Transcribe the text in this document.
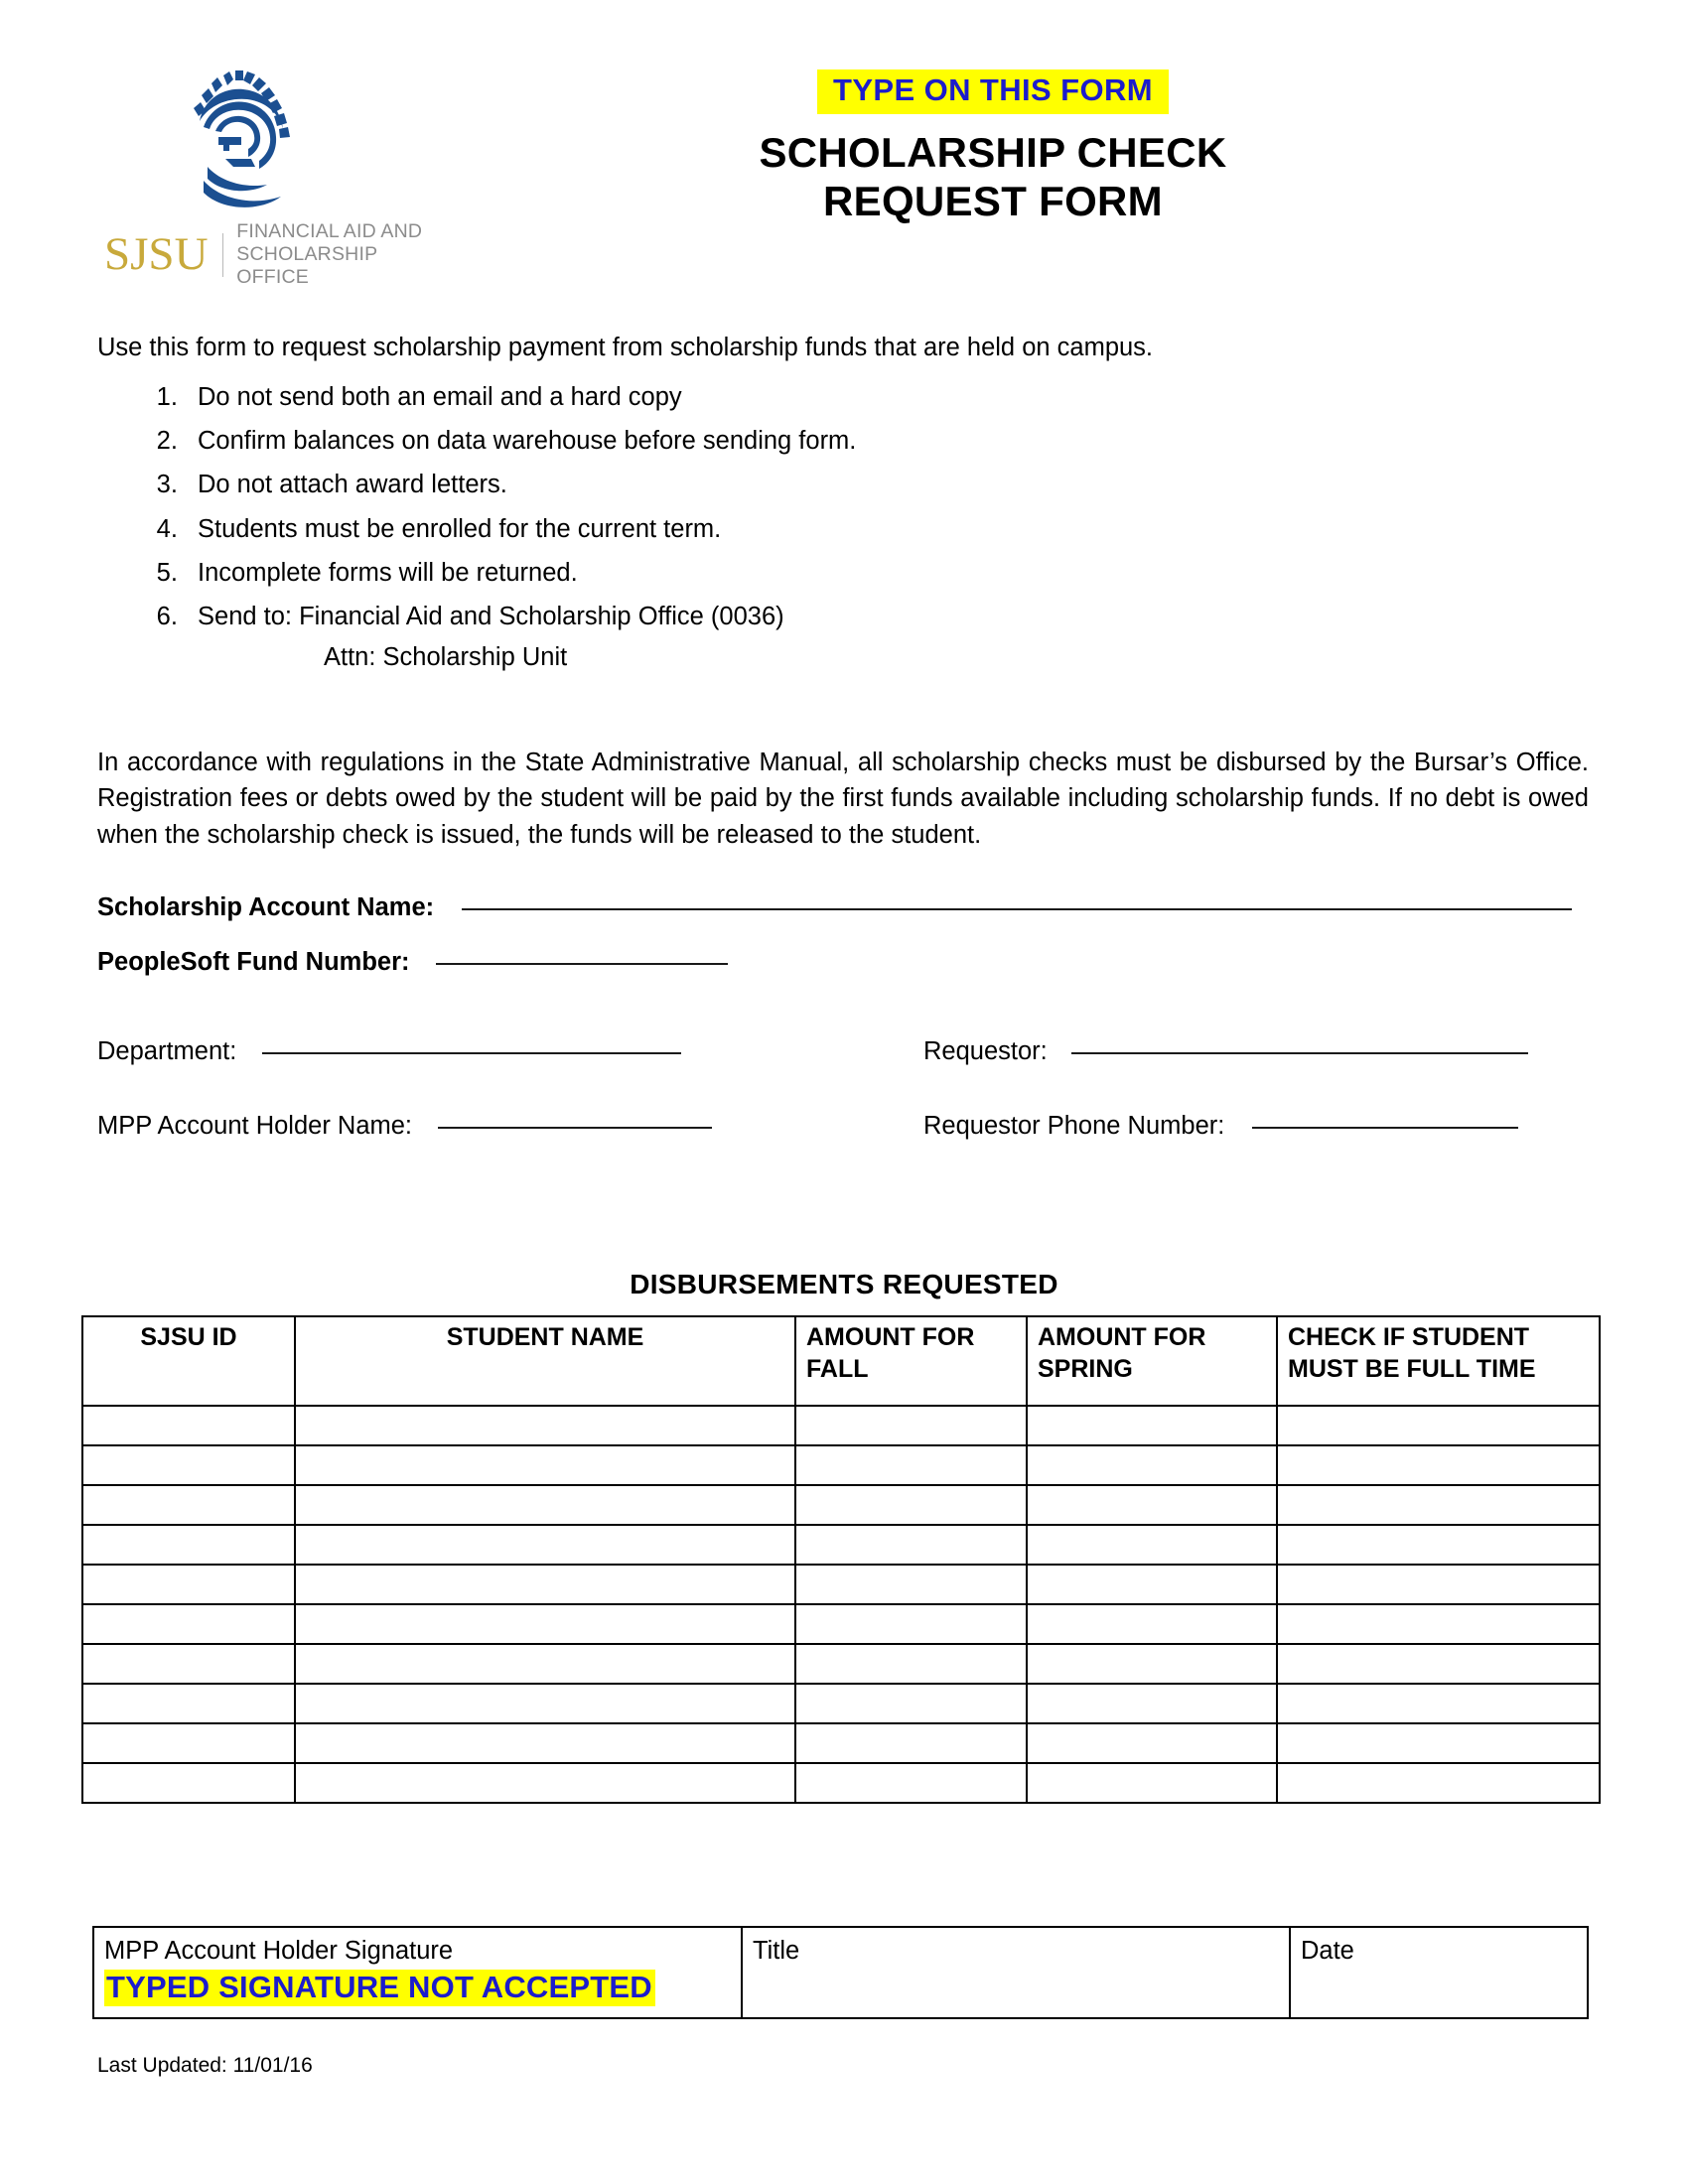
SJSU FINANCIAL AID AND
SCHOLARSHIP OFFICE
TYPE ON THIS FORM
SCHOLARSHIP CHECK
REQUEST FORM

Use this form to request scholarship payment from scholarship funds that are held on campus.

1. Do not send both an email and a hard copy
2. Confirm balances on data warehouse before sending form.
3. Do not attach award letters.
4. Students must be enrolled for the current term.
5. Incomplete forms will be returned.
6. Send to: Financial Aid and Scholarship Office (0036)
Attn: Scholarship Unit

In accordance with regulations in the State Administrative Manual, all scholarship checks must be disbursed by the Bursar’s Office. Registration fees or debts owed by the student will be paid by the first funds available including scholarship funds. If no debt is owed when the scholarship check is issued, the funds will be released to the student.

Scholarship Account Name:
PeopleSoft Fund Number:
Department:	Requestor:
MPP Account Holder Name:	Requestor Phone Number:
DISBURSEMENTS REQUESTED
SJSU ID	STUDENT NAME	AMOUNT FOR FALL	AMOUNT FOR SPRING	CHECK IF STUDENT MUST BE FULL TIME

MPP Account Holder Signature
TYPED SIGNATURE NOT ACCEPTED	
Title	Date
Last Updated: 11/01/16
